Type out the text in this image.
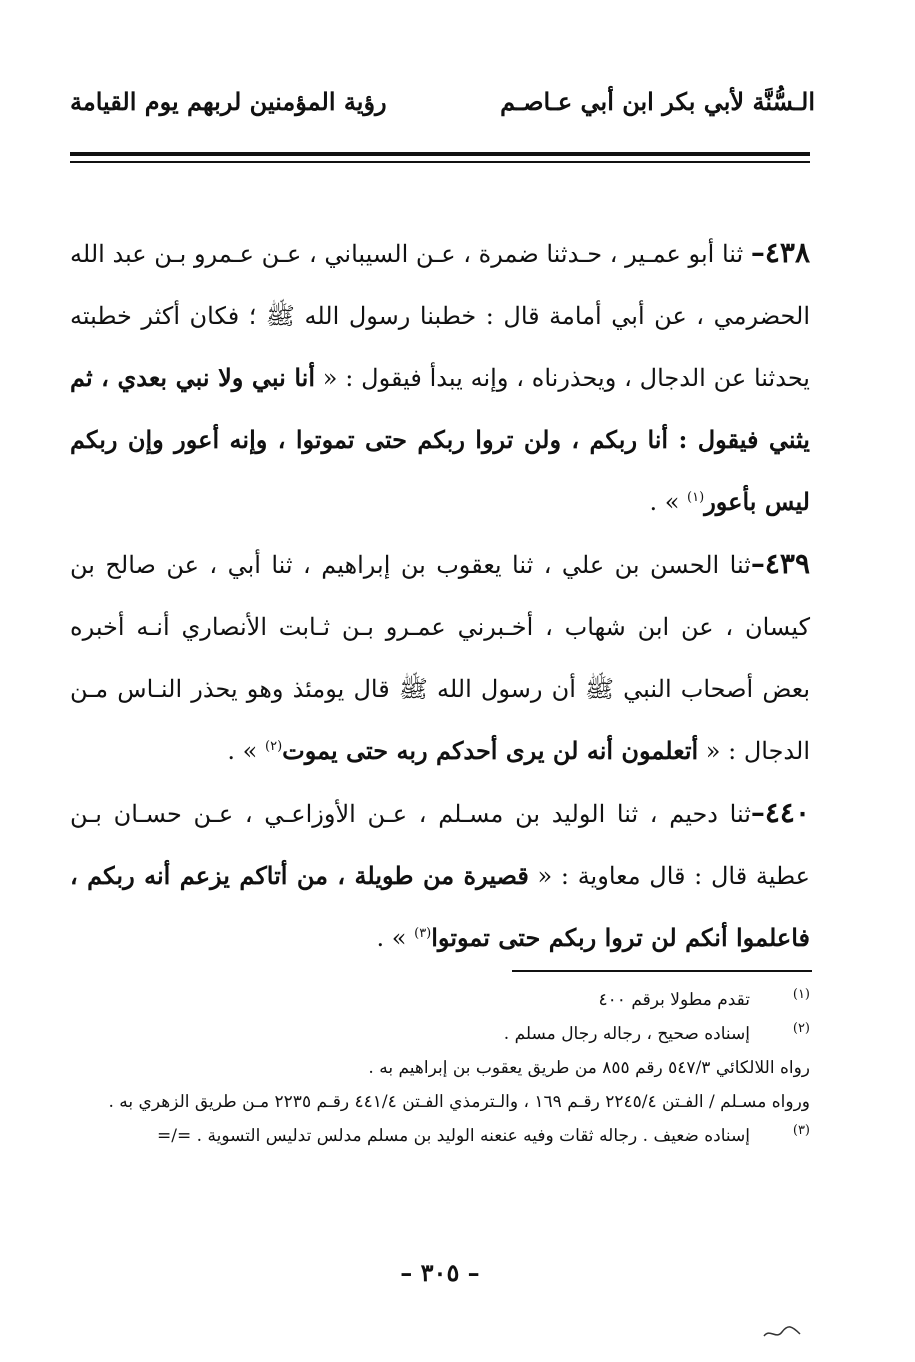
الـسُّنَّة لأبي بكر ابن أبي عـاصـم
رؤية المؤمنين لربهم يوم القيامة

٤٣٨– ثنا أبو عمـير ، حـدثنا ضمرة ، عـن السيباني ، عـن عـمرو بـن عبد الله الحضرمي ، عن أبي أمامة قال : خطبنا رسول الله ﷺ ؛ فكان أكثر خطبته يحدثنا عن الدجال ، ويحذرناه ، وإنه يبدأ فيقول : « أنا نبي ولا نبي بعدي ، ثم يثني فيقول : أنا ربكم ، ولن تروا ربكم حتى تموتوا ، وإنه أعور وإن ربكم ليس بأعور$^{(١)}$ » .

٤٣٩–ثنا الحسن بن علي ، ثنا يعقوب بن إبراهيم ، ثنا أبي ، عن صالح بن كيسان ، عن ابن شهاب ، أخـبرني عمـرو بـن ثـابت الأنصاري أنـه أخبره بعض أصحاب النبي ﷺ أن رسول الله ﷺ قال يومئذ وهو يحذر النـاس مـن الدجال : « أتعلمون أنه لن يرى أحدكم ربه حتى يموت$^{(٢)}$ » .

٤٤٠–ثنا دحيم ، ثنا الوليد بن مسـلم ، عـن الأوزاعـي ، عـن حسـان بـن عطية قال : قال معاوية : « قصيرة من طويلة ، من أتاكم يزعم أنه ربكم ، فاعلموا أنكم لن تروا ربكم حتى تموتوا$^{(٣)}$ » .

(١)
تقدم مطولا برقم ٤٠٠
(٢)
إسناده صحيح ، رجاله رجال مسلم .
رواه اللالكائي ٥٤٧/٣ رقم ٨٥٥ من طريق يعقوب بن إبراهيم به .
ورواه مسـلم / الفـتن ٢٢٤٥/٤ رقـم ١٦٩ ، والـترمذي الفـتن ٤٤١/٤ رقـم ٢٢٣٥ مـن طريق الزهري به .
(٣)
إسناده ضعيف . رجاله ثقات وفيه عنعنه الوليد بن مسلم مدلس تدليس التسوية . =/=
– ٣٠٥ –
